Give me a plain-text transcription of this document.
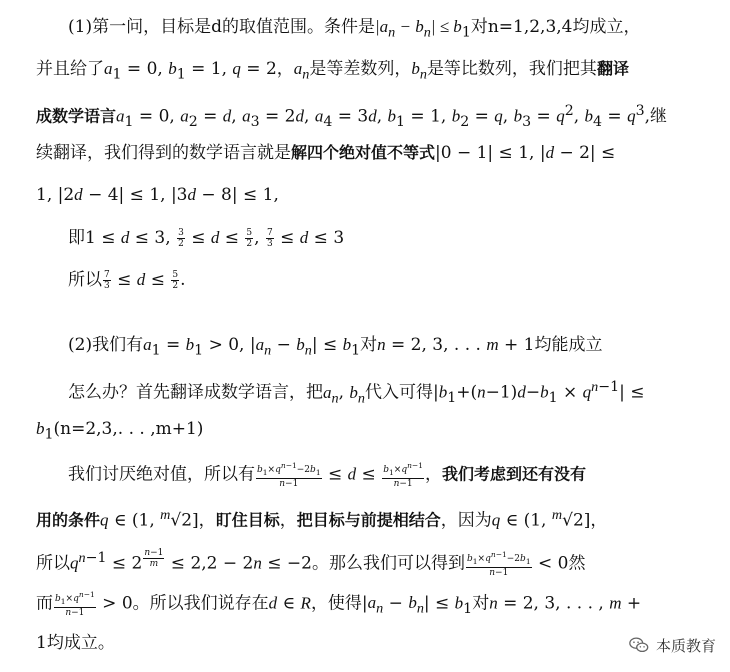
(1)第一问，目标是d的取值范围。条件是$|a_n - b_n| \le b_1$对n=1,2,3,4均成立，
并且给了$a_1 = 0$, $b_1 = 1$, q = 2，$a_n$是等差数列，$b_n$是等比数列，我们把其翻译
成数学语言$a_1 = 0$, $a_2 = d$, $a_3 = 2d$, $a_4 = 3d$, $b_1 = 1$, $b_2 = q$, $b_3 = q^2$, $b_4 = q^3$,继
续翻译，我们得到的数学语言就是解四个绝对值不等式|0 − 1| ≤ 1, |d − 2| ≤
1, |2d − 4| ≤ 1, |3d − 8| ≤ 1,
即1 ≤ d ≤ 3, $\frac{3}{2} \le d \le \frac{5}{2}$ , $\frac{7}{3} \le d \le 3$
所以 $\frac{7}{3} \le d \le \frac{5}{2}$ .
(2)我们有$a_1 = b_1 > 0$, $|a_n - b_n| \le b_1$对n = 2, 3, . . . m + 1均能成立
怎么办？首先翻译成数学语言，把$a_n$, $b_n$代入可得$|b_1+(n-1)d-b_1 \times q^{n-1}|$ ≤
$b_1(n=2,3$,. . . ,m+1)
我们讨厌绝对值，所以有 $\frac{b_1\times q^{n-1}-2b_1}{n-1} \le d \le \frac{b_1\times q^{n-1}}{n-1}$ ，我们考虑到还有没有
用的条件q ∈ (1, $^m$√2]，盯住目标，把目标与前提相结合，因为q ∈ (1, $^m$√2]，
所以$q^{n-1} \le 2$ $^{\frac{n-1}{m}}$ ≤ 2,2 − 2n ≤ −2。那么我们可以得到 $\frac{b_1\times q^{n-1}-2b_1}{n-1} < 0$然
而 $\frac{b_1\times q^{n-1}}{n-1} > 0$。所以我们说存在d ∈ R，使得$|a_n - b_n| \le b_1$对n = 2, 3, . . . , m +
1均成立。	本质教育
